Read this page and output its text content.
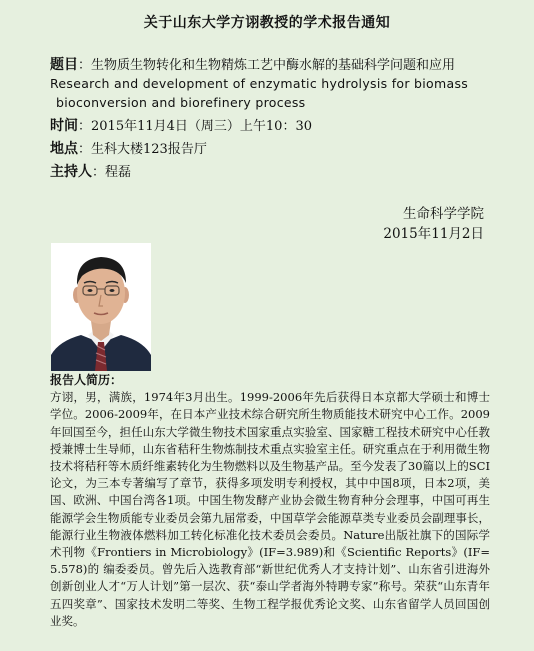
关于山东大学方诩教授的学术报告通知

题目：生物质生物转化和生物精炼工艺中酶水解的基础科学问题和应用
Research and development of enzymatic hydrolysis for biomass
bioconversion and biorefinery process

时间：2015年11月4日（周三）上午10：30

地点：生科大楼123报告厅

主持人：程磊

生命科学学院
2015年11月2日
报告人简历：
方诩，男，满族，1974年3月出生。1999-2006年先后获得日本京都大学硕士和博士学位。2006-2009年，在日本产业技术综合研究所生物质能技术研究中心工作。2009年回国至今，担任山东大学微生物技术国家重点实验室、国家糖工程技术研究中心任教授兼博士生导师，山东省秸秆生物炼制技术重点实验室主任。研究重点在于利用微生物技术将秸秆等木质纤维素转化为生物燃料以及生物基产品。至今发表了30篇以上的SCI论文，为三本专著编写了章节，获得多项发明专利授权，其中中国8项，日本2项，美国、欧洲、中国台湾各1项。中国生物发酵产业协会微生物育种分会理事，中国可再生能源学会生物质能专业委员会第九届常委，中国草学会能源草类专业委员会副理事长，能源行业生物液体燃料加工转化标准化技术委员会委员。Nature出版社旗下的国际学术刊物《Frontiers in Microbiology》(IF=3.989)和《Scientific Reports》(IF= 5.578)的 编委委员。曾先后入选教育部“新世纪优秀人才支持计划”、山东省引进海外创新创业人才“万人计划”第一层次、获“泰山学者海外特聘专家”称号。荣获“山东青年五四奖章”、国家技术发明二等奖、生物工程学报优秀论文奖、山东省留学人员回国创业奖。
